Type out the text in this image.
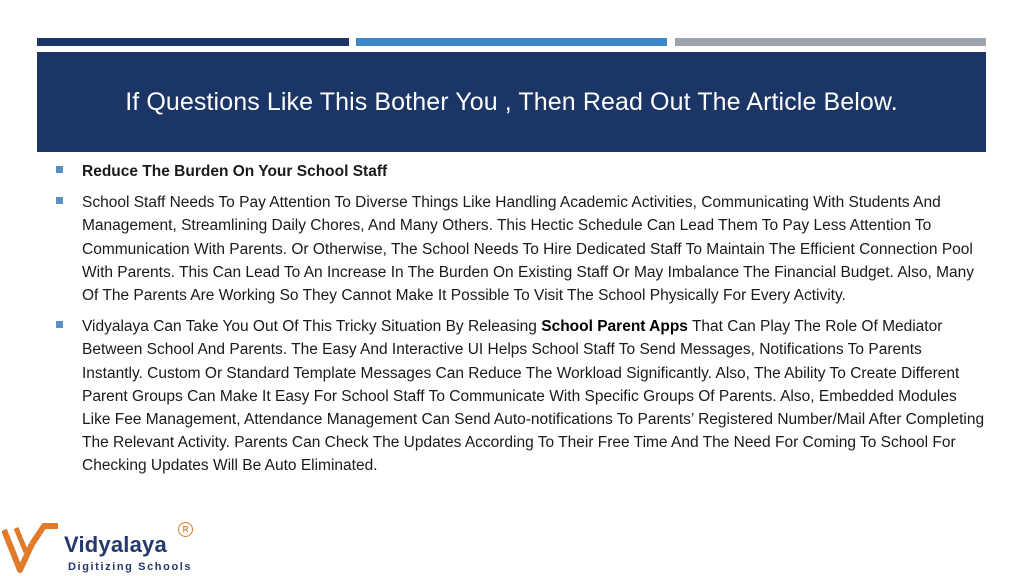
If Questions Like This Bother You , Then Read Out The Article Below.

Reduce The Burden On Your School Staff

School Staff Needs To Pay Attention To Diverse Things Like Handling Academic Activities, Communicating With Students And Management, Streamlining Daily Chores, And Many Others. This Hectic Schedule Can Lead Them To Pay Less Attention To Communication With Parents. Or Otherwise, The School Needs To Hire Dedicated Staff To Maintain The Efficient Connection Pool With Parents. This Can Lead To An Increase In The Burden On Existing Staff Or May Imbalance The Financial Budget. Also, Many Of The Parents Are Working So They Cannot Make It Possible To Visit The School Physically For Every Activity.

Vidyalaya Can Take You Out Of This Tricky Situation By Releasing School Parent Apps That Can Play The Role Of Mediator Between School And Parents. The Easy And Interactive UI Helps School Staff To Send Messages, Notifications To Parents Instantly. Custom Or Standard Template Messages Can Reduce The Workload Significantly. Also, The Ability To Create Different Parent Groups Can Make It Easy For School Staff To Communicate With Specific Groups Of Parents. Also, Embedded Modules Like Fee Management, Attendance Management Can Send Auto-notifications To Parents’ Registered Number/Mail After Completing The Relevant Activity. Parents Can Check The Updates According To Their Free Time And The Need For Coming To School For Checking Updates Will Be Auto Eliminated.

Vidyalaya
R
Digitizing Schools
